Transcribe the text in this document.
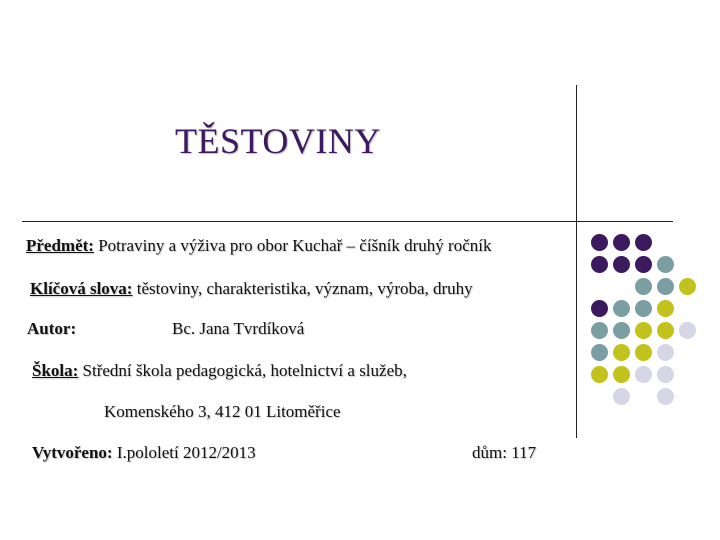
TĚSTOVINY
Předmět: Potraviny a výživa pro obor Kuchař – číšník druhý ročník
Klíčová slova: těstoviny, charakteristika, význam, výroba, druhy
Autor:	Bc. Jana Tvrdíková
Škola: Střední škola pedagogická, hotelnictví a služeb,
Komenského 3, 412 01 Litoměřice
Vytvořeno: I.pololetí 2012/2013	dům: 117
